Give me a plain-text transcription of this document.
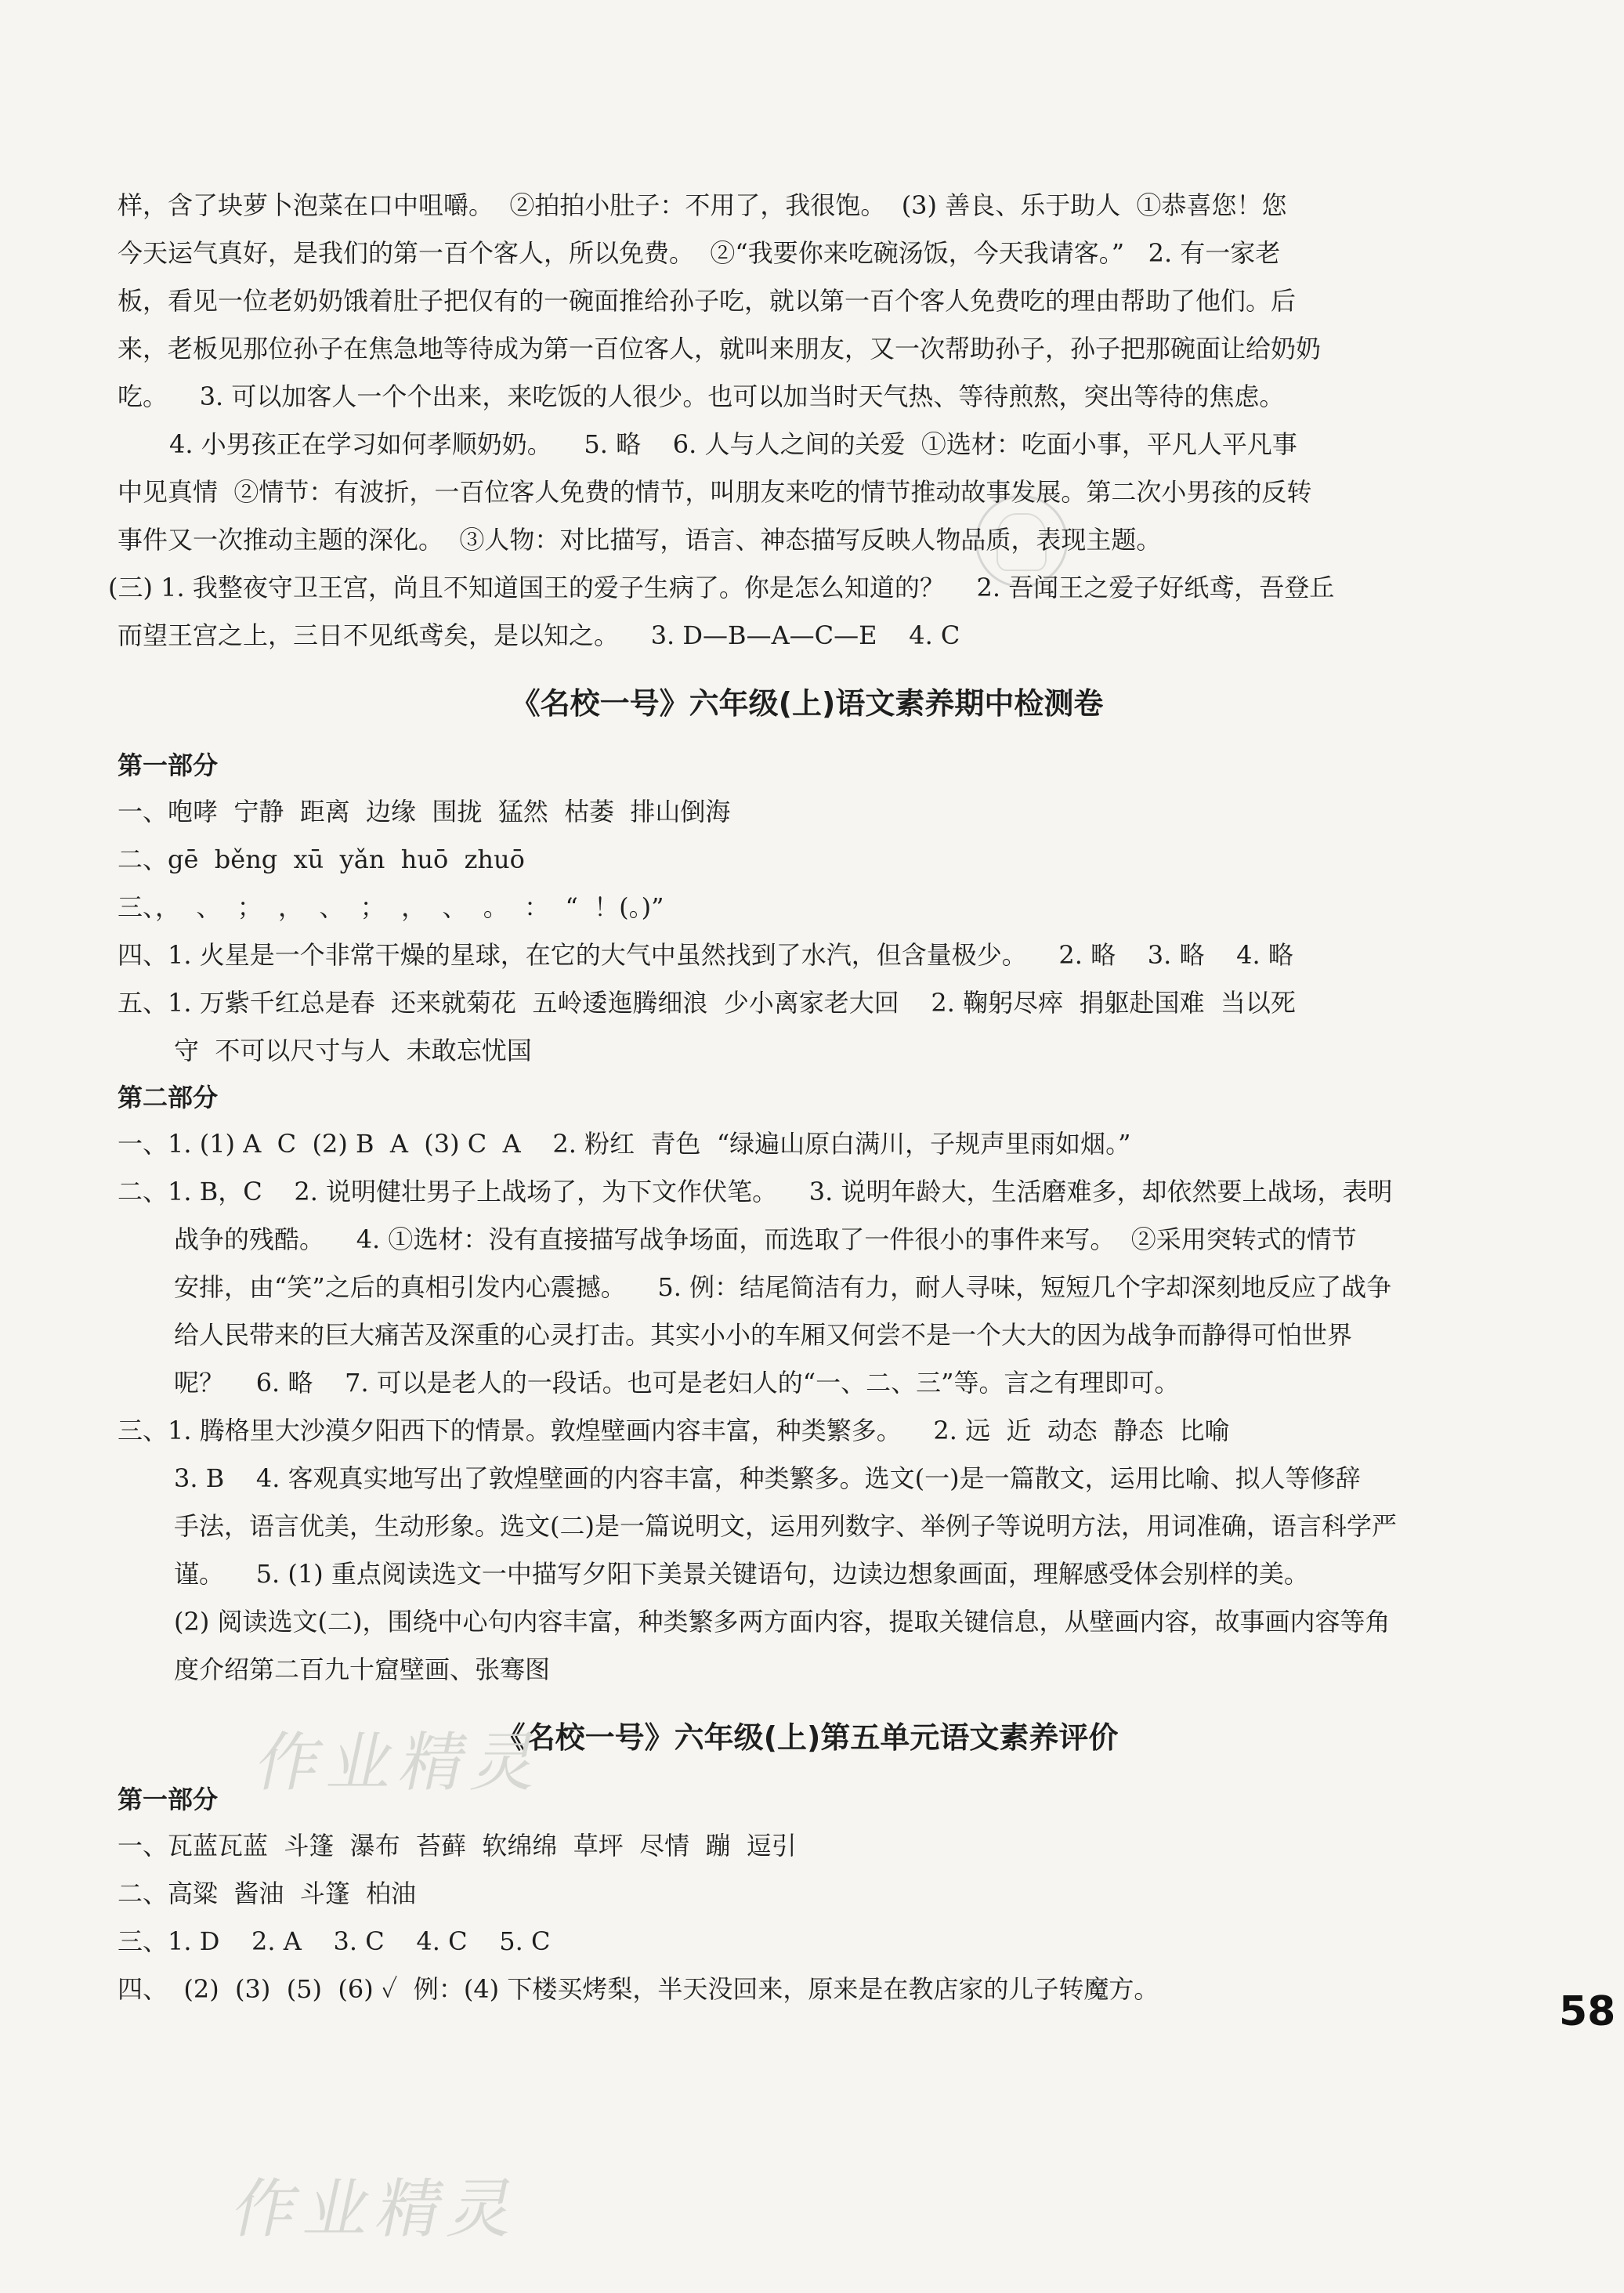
样，含了块萝卜泡菜在口中咀嚼。  ②拍拍小肚子：不用了，我很饱。  (3) 善良、乐于助人  ①恭喜您！您
今天运气真好，是我们的第一百个客人，所以免费。  ②“我要你来吃碗汤饭，今天我请客。”   2. 有一家老
板，看见一位老奶奶饿着肚子把仅有的一碗面推给孙子吃，就以第一百个客人免费吃的理由帮助了他们。后
来，老板见那位孙子在焦急地等待成为第一百位客人，就叫来朋友，又一次帮助孙子，孙子把那碗面让给奶奶
吃。    3. 可以加客人一个个出来，来吃饭的人很少。也可以加当时天气热、等待煎熬，突出等待的焦虑。
4. 小男孩正在学习如何孝顺奶奶。    5. 略    6. 人与人之间的关爱  ①选材：吃面小事，平凡人平凡事
中见真情  ②情节：有波折，一百位客人免费的情节，叫朋友来吃的情节推动故事发展。第二次小男孩的反转
事件又一次推动主题的深化。  ③人物：对比描写，语言、神态描写反映人物品质，表现主题。
(三) 1. 我整夜守卫王宫，尚且不知道国王的爱子生病了。你是怎么知道的？    2. 吾闻王之爱子好纸鸢，吾登丘
而望王宫之上，三日不见纸鸢矣，是以知之。    3. D—B—A—C—E    4. C
《名校一号》六年级(上)语文素养期中检测卷
第一部分
一、咆哮  宁静  距离  边缘  围拢  猛然  枯萎  排山倒海
二、gē  běng  xū  yǎn  huō  zhuō
三、，  、  ；  ，  、  ；  ，  、  。  ：  “  ！(。)”
四、1. 火星是一个非常干燥的星球，在它的大气中虽然找到了水汽，但含量极少。    2. 略    3. 略    4. 略
五、1. 万紫千红总是春  还来就菊花  五岭逶迤腾细浪  少小离家老大回    2. 鞠躬尽瘁  捐躯赴国难  当以死
守  不可以尺寸与人  未敢忘忧国
第二部分
一、1. (1) A  C  (2) B  A  (3) C  A    2. 粉红  青色  “绿遍山原白满川，子规声里雨如烟。”
二、1. B，C    2. 说明健壮男子上战场了，为下文作伏笔。    3. 说明年龄大，生活磨难多，却依然要上战场，表明
战争的残酷。    4. ①选材：没有直接描写战争场面，而选取了一件很小的事件来写。  ②采用突转式的情节
安排，由“笑”之后的真相引发内心震撼。    5. 例：结尾简洁有力，耐人寻味，短短几个字却深刻地反应了战争
给人民带来的巨大痛苦及深重的心灵打击。其实小小的车厢又何尝不是一个大大的因为战争而静得可怕世界
呢？    6. 略    7. 可以是老人的一段话。也可是老妇人的“一、二、三”等。言之有理即可。
三、1. 腾格里大沙漠夕阳西下的情景。敦煌壁画内容丰富，种类繁多。    2. 远  近  动态  静态  比喻
3. B    4. 客观真实地写出了敦煌壁画的内容丰富，种类繁多。选文(一)是一篇散文，运用比喻、拟人等修辞
手法，语言优美，生动形象。选文(二)是一篇说明文，运用列数字、举例子等说明方法，用词准确，语言科学严
谨。    5. (1) 重点阅读选文一中描写夕阳下美景关键语句，边读边想象画面，理解感受体会别样的美。
(2) 阅读选文(二)，围绕中心句内容丰富，种类繁多两方面内容，提取关键信息，从壁画内容，故事画内容等角
度介绍第二百九十窟壁画、张骞图
《名校一号》六年级(上)第五单元语文素养评价
第一部分
一、瓦蓝瓦蓝  斗篷  瀑布  苔藓  软绵绵  草坪  尽情  蹦  逗引
二、高粱  酱油  斗篷  柏油
三、1. D    2. A    3. C    4. C    5. C
四、  (2)  (3)  (5)  (6) ✓  例：(4) 下楼买烤梨，半天没回来，原来是在教店家的儿子转魔方。
作业精灵
作业精灵
58
